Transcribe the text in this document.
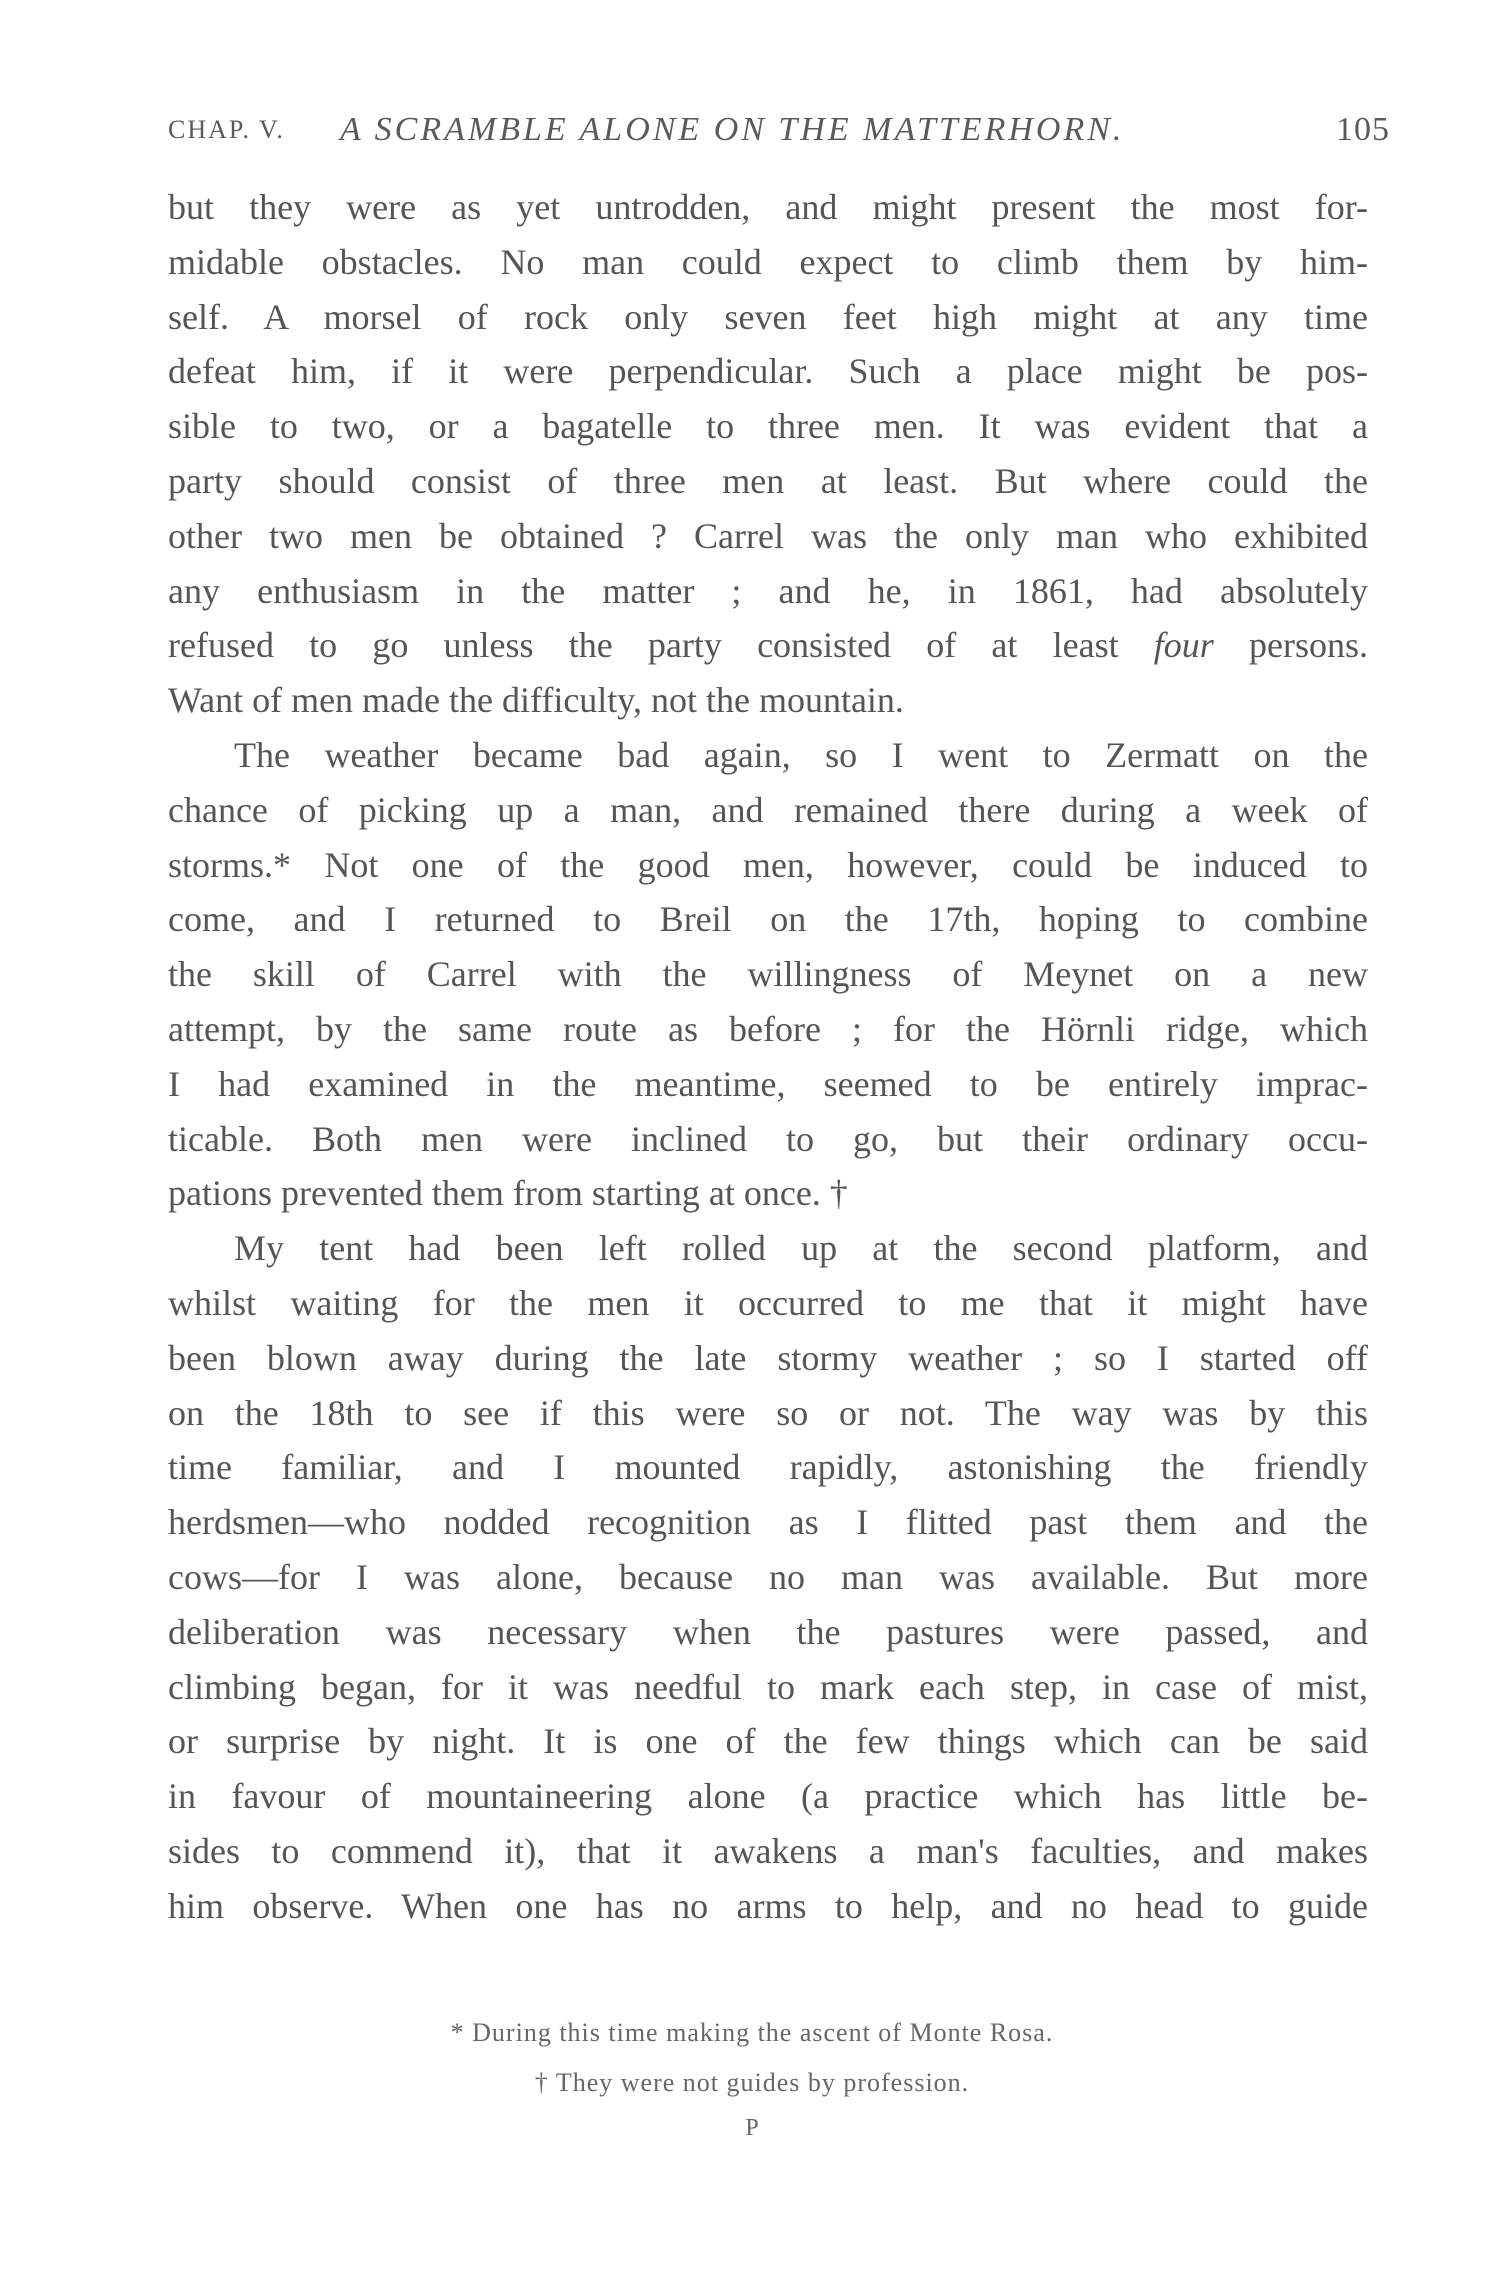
CHAP. V. A SCRAMBLE ALONE ON THE MATTERHORN.	105
but they were as yet untrodden, and might present the most for-
midable obstacles. No man could expect to climb them by him-
self. A morsel of rock only seven feet high might at any time
defeat him, if it were perpendicular. Such a place might be pos-
sible to two, or a bagatelle to three men. It was evident that a
party should consist of three men at least. But where could the
other two men be obtained ? Carrel was the only man who exhibited
any enthusiasm in the matter ; and he, in 1861, had absolutely
refused to go unless the party consisted of at least four persons.
Want of men made the difficulty, not the mountain.
The weather became bad again, so I went to Zermatt on the
chance of picking up a man, and remained there during a week of
storms.* Not one of the good men, however, could be induced to
come, and I returned to Breil on the 17th, hoping to combine
the skill of Carrel with the willingness of Meynet on a new
attempt, by the same route as before ; for the Hörnli ridge, which
I had examined in the meantime, seemed to be entirely imprac-
ticable. Both men were inclined to go, but their ordinary occu-
pations prevented them from starting at once. †
My tent had been left rolled up at the second platform, and
whilst waiting for the men it occurred to me that it might have
been blown away during the late stormy weather ; so I started off
on the 18th to see if this were so or not. The way was by this
time familiar, and I mounted rapidly, astonishing the friendly
herdsmen—who nodded recognition as I flitted past them and the
cows—for I was alone, because no man was available. But more
deliberation was necessary when the pastures were passed, and
climbing began, for it was needful to mark each step, in case of mist,
or surprise by night. It is one of the few things which can be said
in favour of mountaineering alone (a practice which has little be-
sides to commend it), that it awakens a man's faculties, and makes
him observe. When one has no arms to help, and no head to guide
* During this time making the ascent of Monte Rosa.
† They were not guides by profession.
P
